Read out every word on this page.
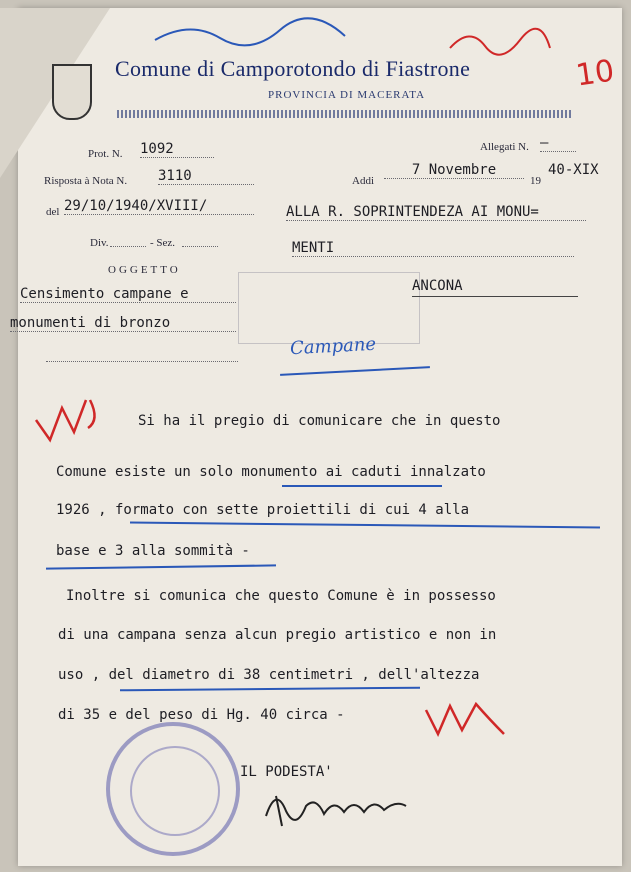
Comune di Camporotondo di Fiastrone
PROVINCIA DI MACERATA
10
Prot. N. 1092	Allegati N. –
Risposta à Nota N. 3110	Addi
7 Novembre
19
40-XIX
del 29/10/1940/XVIII/
Div.	- Sez.
OGGETTO
ALLA R. SOPRINTENDEZA AI MONU=
MENTI
ANCONA
Campane
Censimento campane e
monumenti di bronzo
Si ha il pregio di comunicare che in questo
Comune esiste un solo monumento ai caduti innalzato
1926 , formato con sette proiettili di cui 4 alla
base e 3 alla sommità -
Inoltre si comunica che questo Comune è in possesso
di una campana senza alcun pregio artistico e non in
uso , del diametro di 38 centimetri , dell'altezza
di 35 e del peso di Hg. 40 circa -
IL PODESTA'
